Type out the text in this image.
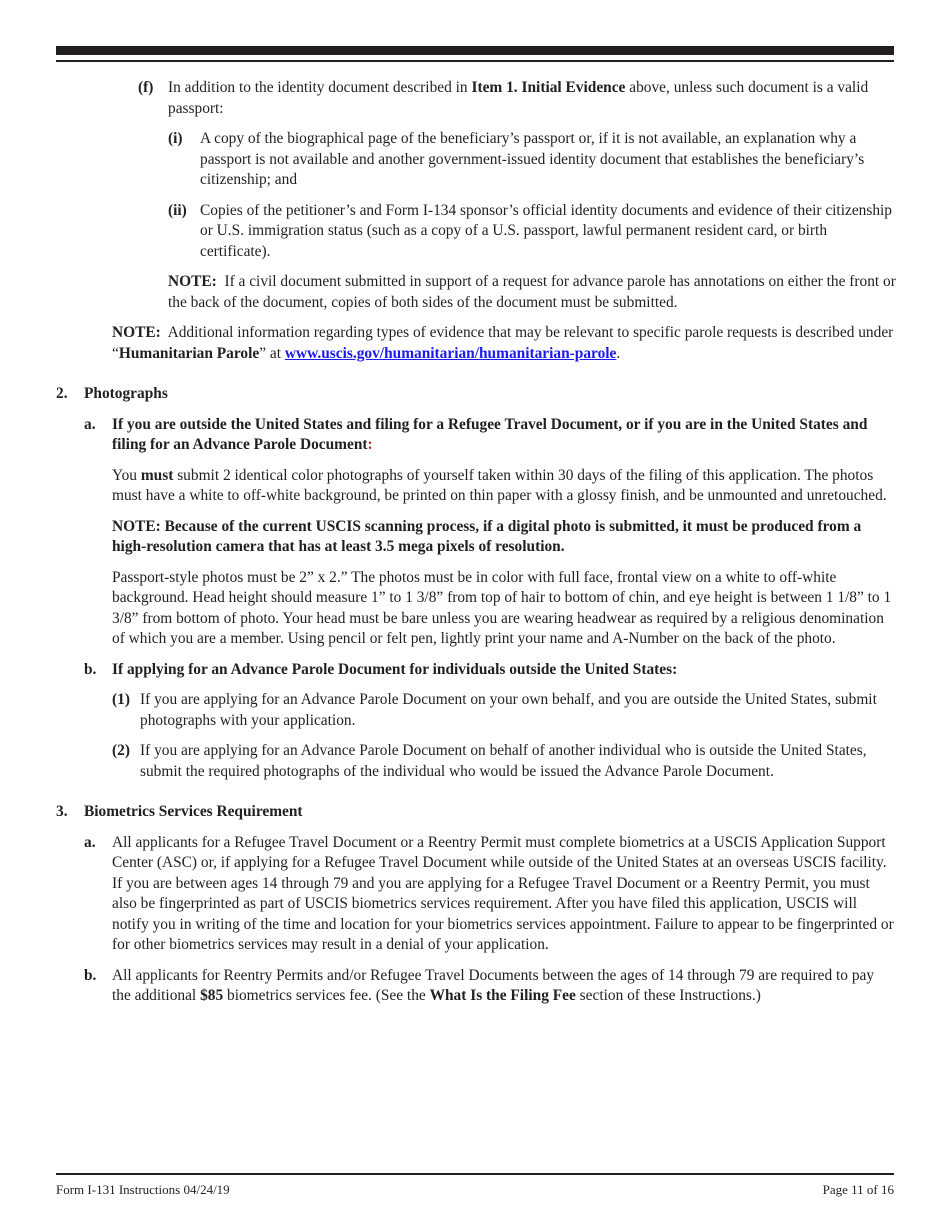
(f) In addition to the identity document described in Item 1. Initial Evidence above, unless such document is a valid passport:
(i) A copy of the biographical page of the beneficiary’s passport or, if it is not available, an explanation why a passport is not available and another government-issued identity document that establishes the beneficiary’s citizenship; and
(ii) Copies of the petitioner’s and Form I-134 sponsor’s official identity documents and evidence of their citizenship or U.S. immigration status (such as a copy of a U.S. passport, lawful permanent resident card, or birth certificate).
NOTE: If a civil document submitted in support of a request for advance parole has annotations on either the front or the back of the document, copies of both sides of the document must be submitted.
NOTE: Additional information regarding types of evidence that may be relevant to specific parole requests is described under “Humanitarian Parole” at www.uscis.gov/humanitarian/humanitarian-parole.
2. Photographs
a. If you are outside the United States and filing for a Refugee Travel Document, or if you are in the United States and filing for an Advance Parole Document:
You must submit 2 identical color photographs of yourself taken within 30 days of the filing of this application. The photos must have a white to off-white background, be printed on thin paper with a glossy finish, and be unmounted and unretouched.
NOTE: Because of the current USCIS scanning process, if a digital photo is submitted, it must be produced from a high-resolution camera that has at least 3.5 mega pixels of resolution.
Passport-style photos must be 2” x 2.” The photos must be in color with full face, frontal view on a white to off-white background. Head height should measure 1” to 1 3/8” from top of hair to bottom of chin, and eye height is between 1 1/8” to 1 3/8” from bottom of photo. Your head must be bare unless you are wearing headwear as required by a religious denomination of which you are a member. Using pencil or felt pen, lightly print your name and A-Number on the back of the photo.
b. If applying for an Advance Parole Document for individuals outside the United States:
(1) If you are applying for an Advance Parole Document on your own behalf, and you are outside the United States, submit photographs with your application.
(2) If you are applying for an Advance Parole Document on behalf of another individual who is outside the United States, submit the required photographs of the individual who would be issued the Advance Parole Document.
3. Biometrics Services Requirement
a. All applicants for a Refugee Travel Document or a Reentry Permit must complete biometrics at a USCIS Application Support Center (ASC) or, if applying for a Refugee Travel Document while outside of the United States at an overseas USCIS facility. If you are between ages 14 through 79 and you are applying for a Refugee Travel Document or a Reentry Permit, you must also be fingerprinted as part of USCIS biometrics services requirement. After you have filed this application, USCIS will notify you in writing of the time and location for your biometrics services appointment. Failure to appear to be fingerprinted or for other biometrics services may result in a denial of your application.
b. All applicants for Reentry Permits and/or Refugee Travel Documents between the ages of 14 through 79 are required to pay the additional $85 biometrics services fee. (See the What Is the Filing Fee section of these Instructions.)
Form I-131 Instructions 04/24/19	Page 11 of 16
